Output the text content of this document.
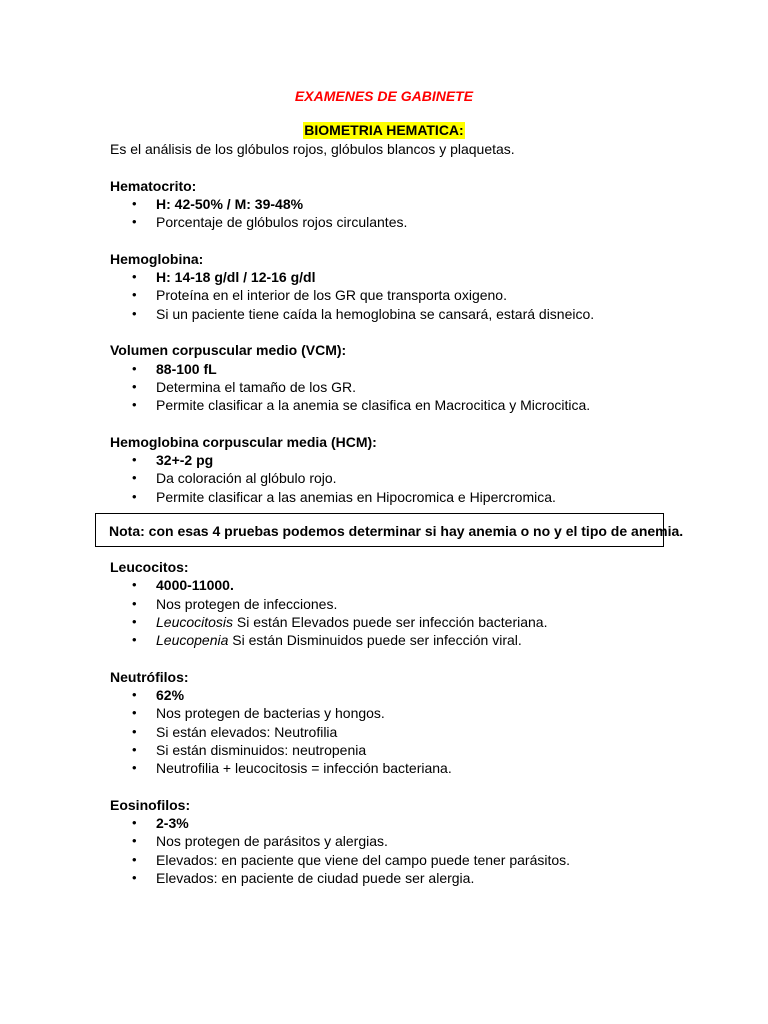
EXAMENES DE GABINETE
BIOMETRIA HEMATICA:
Es el análisis de los glóbulos rojos, glóbulos blancos y plaquetas.
Hematocrito:
• H: 42-50% / M: 39-48%
• Porcentaje de glóbulos rojos circulantes.
Hemoglobina:
• H: 14-18 g/dl / 12-16 g/dl
• Proteína en el interior de los GR que transporta oxigeno.
• Si un paciente tiene caída la hemoglobina se cansará, estará disneico.
Volumen corpuscular medio (VCM):
• 88-100 fL
• Determina el tamaño de los GR.
• Permite clasificar a la anemia se clasifica en Macrocitica y Microcitica.
Hemoglobina corpuscular media (HCM):
• 32+-2 pg
• Da coloración al glóbulo rojo.
• Permite clasificar a las anemias en Hipocromica e Hipercromica.
Nota: con esas 4 pruebas podemos determinar si hay anemia o no y el tipo de anemia.
Leucocitos:
• 4000-11000.
• Nos protegen de infecciones.
• Leucocitosis Si están Elevados puede ser infección bacteriana.
• Leucopenia Si están Disminuidos puede ser infección viral.
Neutrófilos:
• 62%
• Nos protegen de bacterias y hongos.
• Si están elevados: Neutrofilia
• Si están disminuidos: neutropenia
• Neutrofilia + leucocitosis = infección bacteriana.
Eosinofilos:
• 2-3%
• Nos protegen de parásitos y alergias.
• Elevados: en paciente que viene del campo puede tener parásitos.
• Elevados: en paciente de ciudad puede ser alergia.
